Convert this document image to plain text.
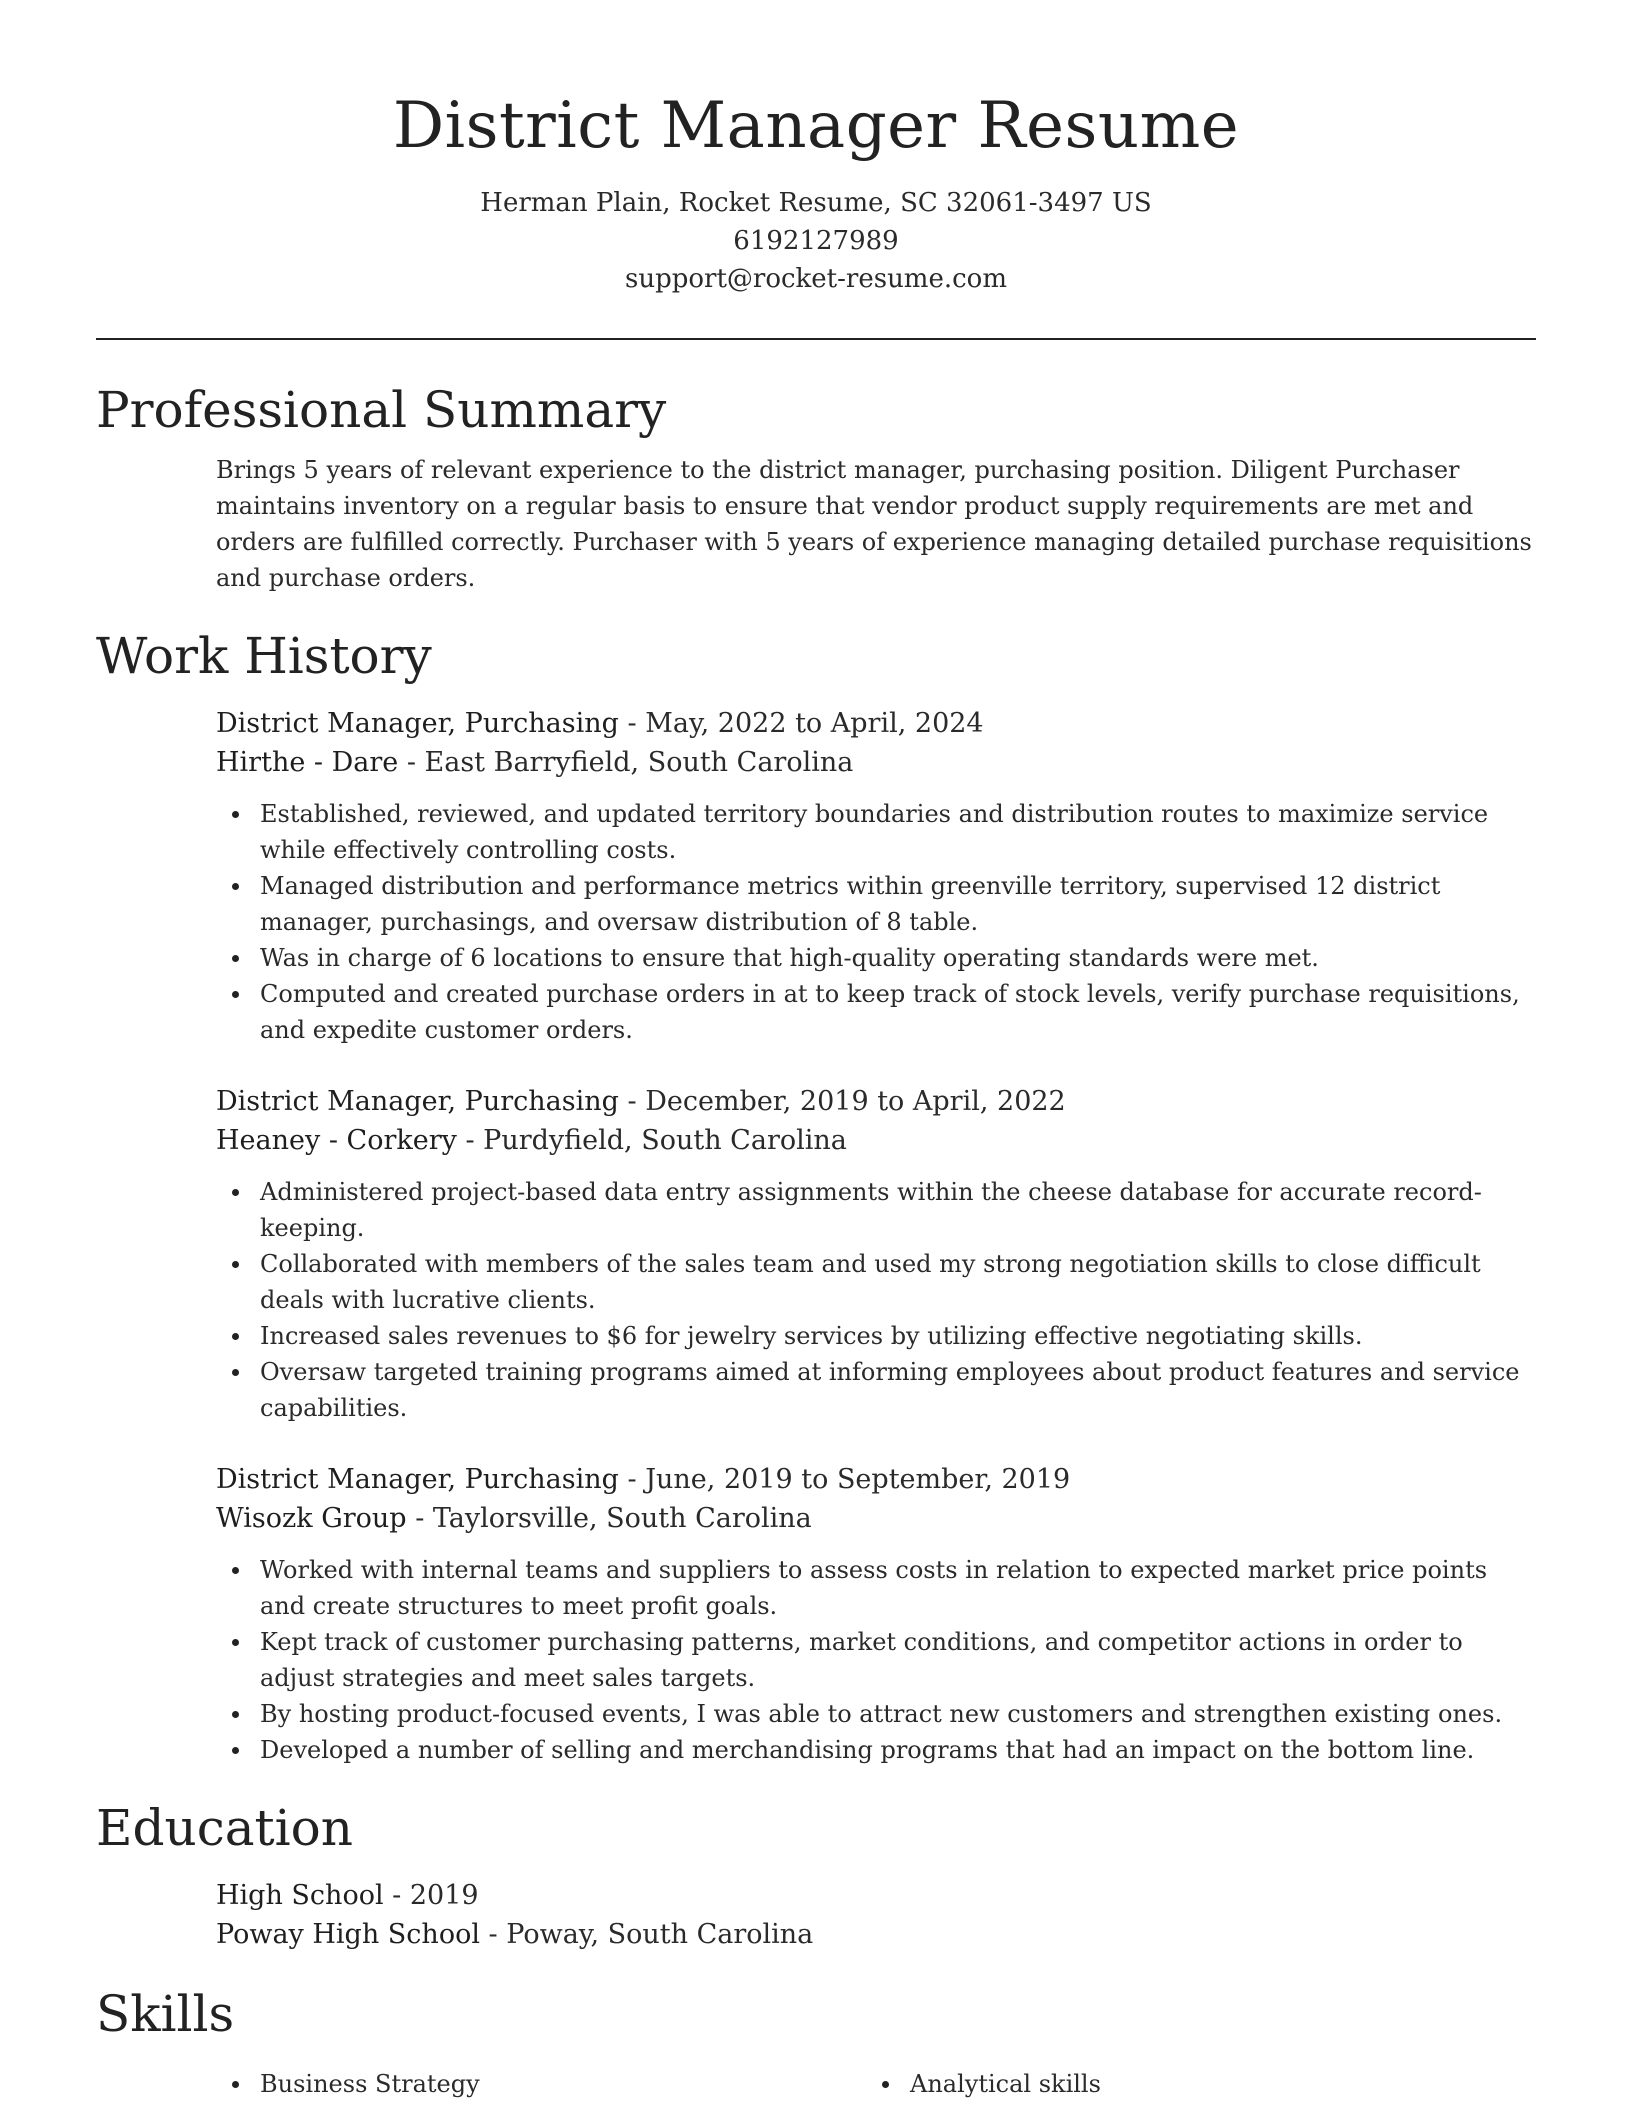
District Manager Resume
Herman Plain, Rocket Resume, SC 32061-3497 US
6192127989
support@rocket-resume.com
Professional Summary

Brings 5 years of relevant experience to the district manager, purchasing position. Diligent Purchaser maintains inventory on a regular basis to ensure that vendor product supply requirements are met and orders are fulfilled correctly. Purchaser with 5 years of experience managing detailed purchase requisitions and purchase orders.

Work History
District Manager, Purchasing - May, 2022 to April, 2024
Hirthe - Dare - East Barryfield, South Carolina
Established, reviewed, and updated territory boundaries and distribution routes to maximize service while effectively controlling costs.
Managed distribution and performance metrics within greenville territory, supervised 12 district manager, purchasings, and oversaw distribution of 8 table.
Was in charge of 6 locations to ensure that high-quality operating standards were met.
Computed and created purchase orders in at to keep track of stock levels, verify purchase requisitions, and expedite customer orders.
District Manager, Purchasing - December, 2019 to April, 2022
Heaney - Corkery - Purdyfield, South Carolina
Administered project-based data entry assignments within the cheese database for accurate record-keeping.
Collaborated with members of the sales team and used my strong negotiation skills to close difficult deals with lucrative clients.
Increased sales revenues to $6 for jewelry services by utilizing effective negotiating skills.
Oversaw targeted training programs aimed at informing employees about product features and service capabilities.
District Manager, Purchasing - June, 2019 to September, 2019
Wisozk Group - Taylorsville, South Carolina
Worked with internal teams and suppliers to assess costs in relation to expected market price points and create structures to meet profit goals.
Kept track of customer purchasing patterns, market conditions, and competitor actions in order to adjust strategies and meet sales targets.
By hosting product-focused events, I was able to attract new customers and strengthen existing ones.
Developed a number of selling and merchandising programs that had an impact on the bottom line.
Education
High School - 2019
Poway High School - Poway, South Carolina
Skills
Business Strategy	Analytical skills
